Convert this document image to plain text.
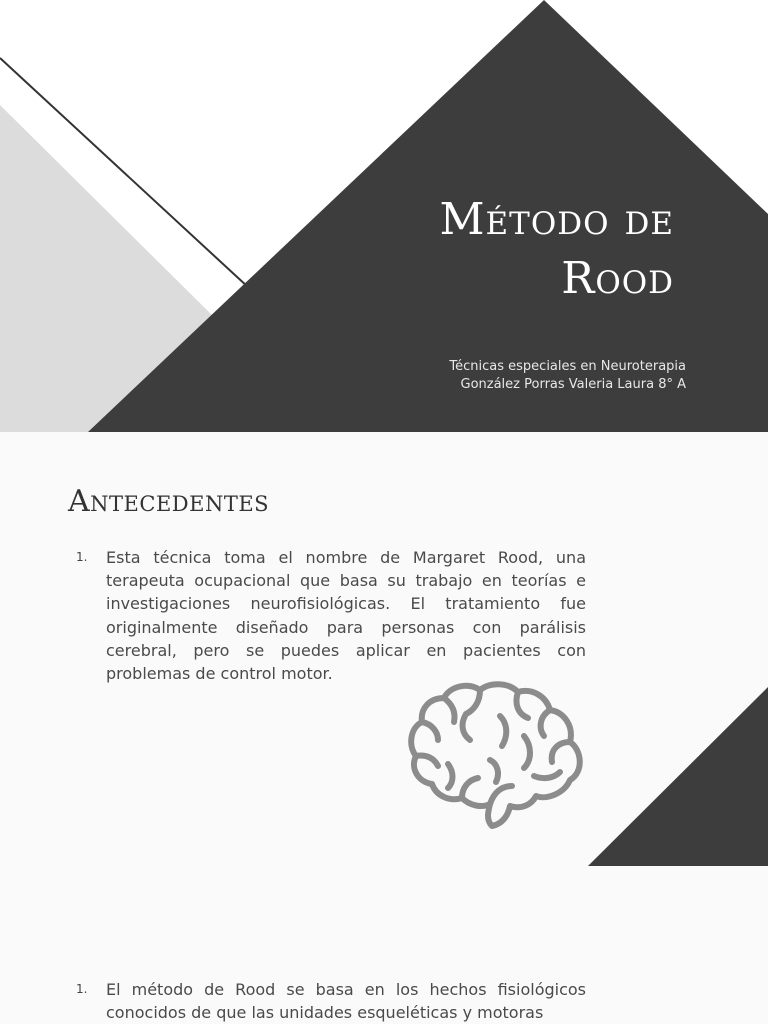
Método de
Rood
Técnicas especiales en Neuroterapia
González Porras Valeria Laura 8° A
Antecedentes
1. Esta técnica toma el nombre de Margaret Rood, una terapeuta ocupacional que basa su trabajo en teorías e investigaciones neurofisiológicas. El tratamiento fue originalmente diseñado para personas con parálisis cerebral, pero se puedes aplicar en pacientes con problemas de control motor.

1. El método de Rood se basa en los hechos fisiológicos conocidos de que las unidades esqueléticas y motoras
